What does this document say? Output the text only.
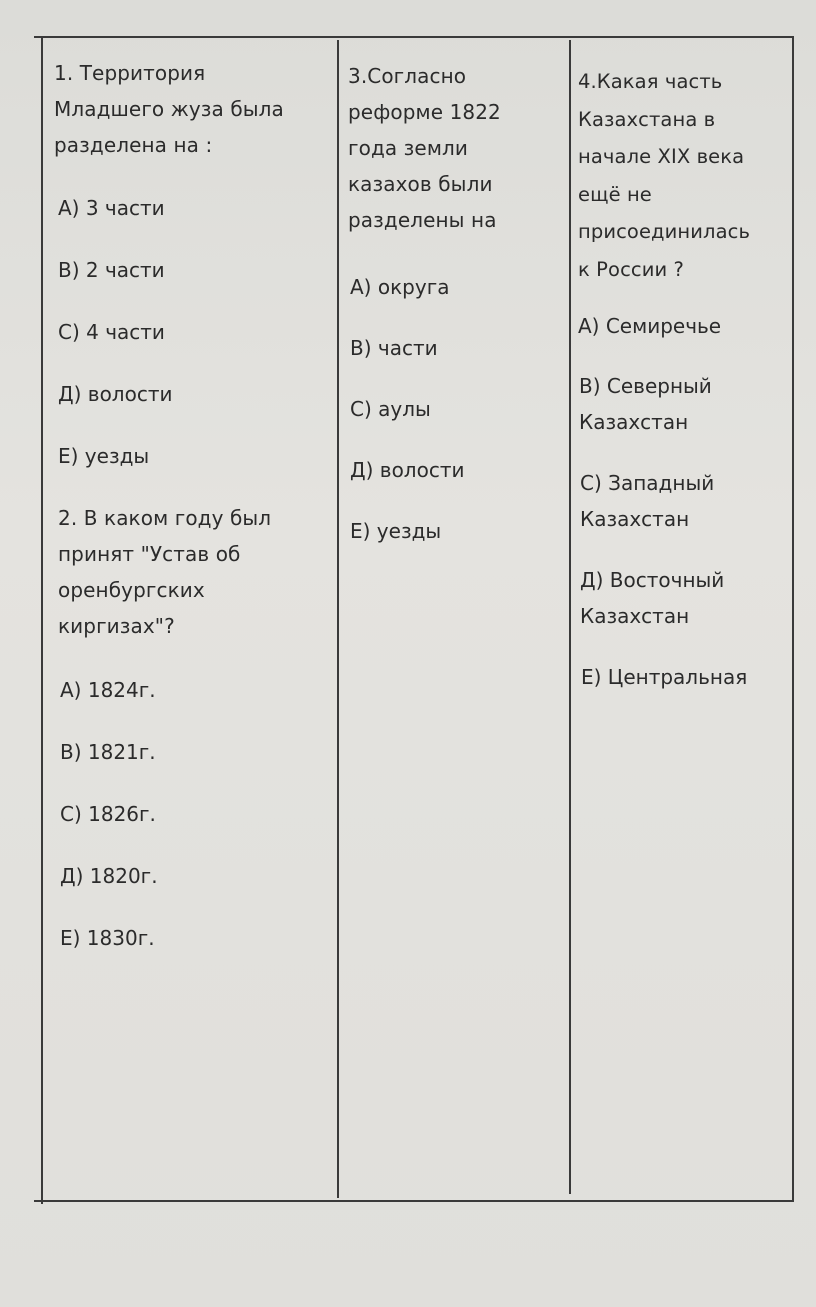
1. Территория
Младшего жуза была
разделена на :
A) 3 части
B) 2 части
C) 4 части
Д) волости
Е) уезды
2. В каком году был
принят "Устав об
оренбургских
киргизах"?
A) 1824г.
B) 1821г.
C) 1826г.
Д) 1820г.
Е) 1830г.
3.Согласно
реформе 1822
года земли
казахов были
разделены на
A) округа
B) части
C) аулы
Д) волости
Е) уезды
4.Какая часть
Казахстана в
начале XIX века
ещё не
присоединилась
к России ?
A) Семиречье
B) Северный
Казахстан
C) Западный
Казахстан
Д) Восточный
Казахстан
Е) Центральная
